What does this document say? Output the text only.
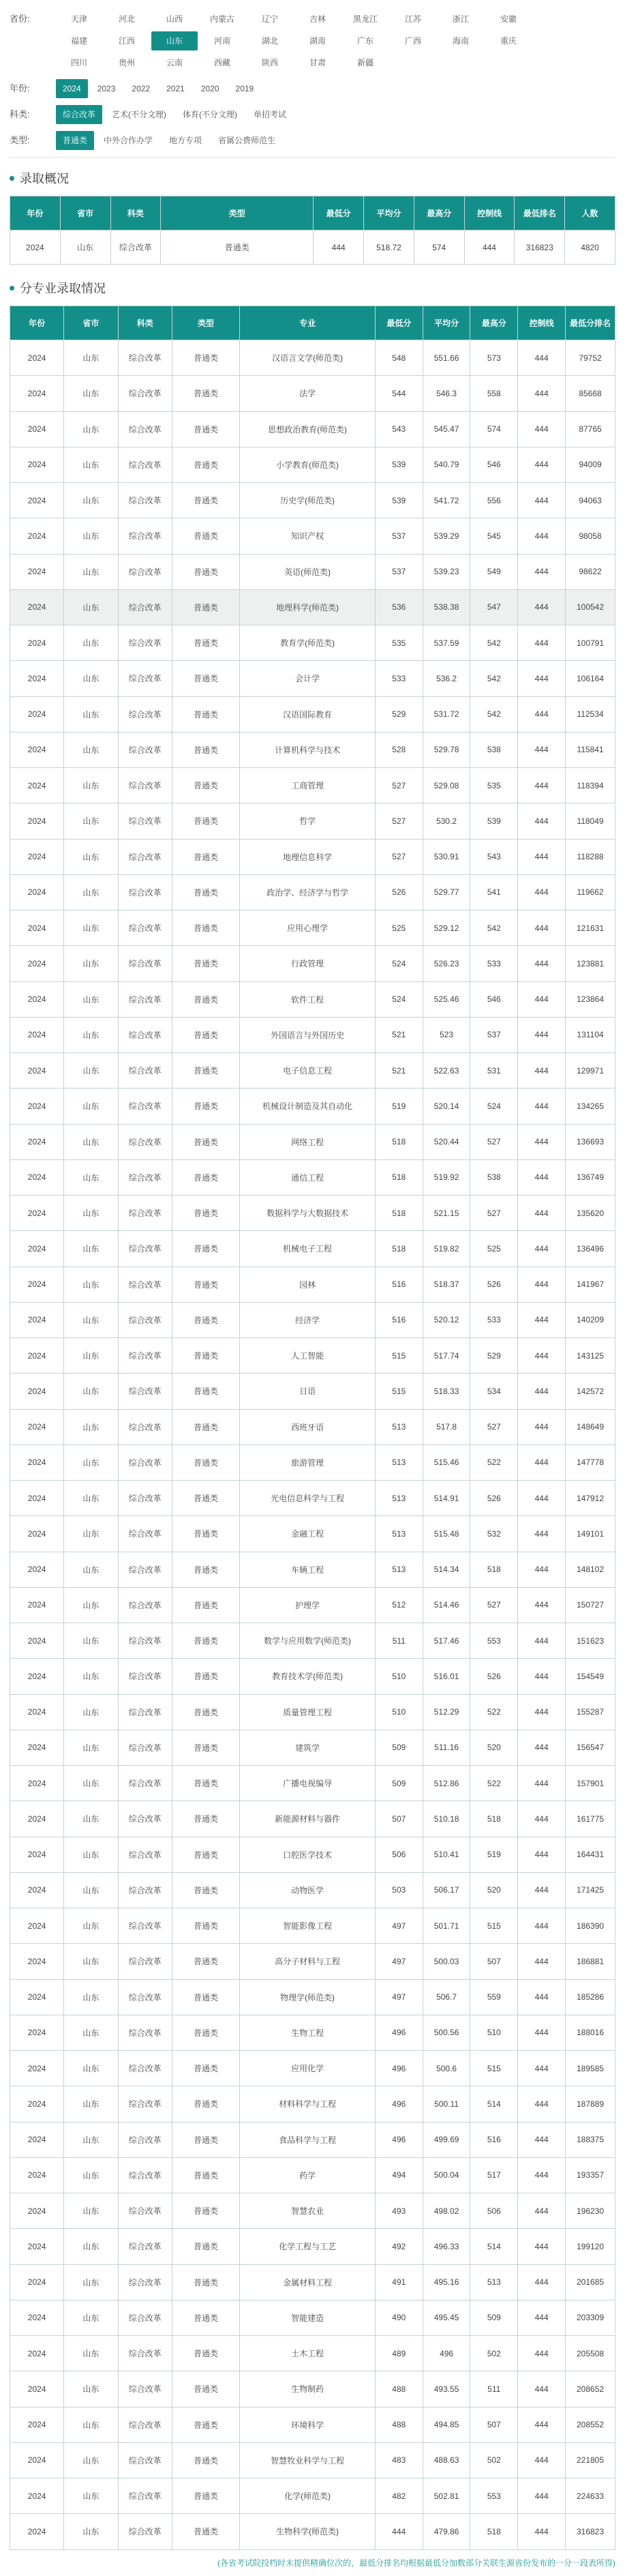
省份:	天津	河北	山西	内蒙古	辽宁	吉林	黑龙江	江苏	浙江	安徽
福建	江西	山东	河南	湖北	湖南	广东	广西	海南	重庆
四川	贵州	云南	西藏	陕西	甘肃	新疆
年份:	2024	2023	2022	2021	2020	2019
科类:	综合改革	艺术(不分文理)	体育(不分文理)	单招考试
类型:	普通类	中外合作办学	地方专项	省属公费师范生
录取概况
年份	省市	科类	类型	最低分	平均分	最高分	控制线	最低排名	人数
2024	山东	综合改革	普通类	444	518.72	574	444	316823	4820
分专业录取情况
年份	省市	科类	类型	专业	最低分	平均分	最高分	控制线	最低分排名
2024	山东	综合改革	普通类	汉语言文学(师范类)	548	551.66	573	444	79752
2024	山东	综合改革	普通类	法学	544	546.3	558	444	85668
2024	山东	综合改革	普通类	思想政治教育(师范类)	543	545.47	574	444	87765
2024	山东	综合改革	普通类	小学教育(师范类)	539	540.79	546	444	94009
2024	山东	综合改革	普通类	历史学(师范类)	539	541.72	556	444	94063
2024	山东	综合改革	普通类	知识产权	537	539.29	545	444	98058
2024	山东	综合改革	普通类	英语(师范类)	537	539.23	549	444	98622
2024	山东	综合改革	普通类	地理科学(师范类)	536	538.38	547	444	100542
2024	山东	综合改革	普通类	教育学(师范类)	535	537.59	542	444	100791
2024	山东	综合改革	普通类	会计学	533	536.2	542	444	106164
2024	山东	综合改革	普通类	汉语国际教育	529	531.72	542	444	112534
2024	山东	综合改革	普通类	计算机科学与技术	528	529.78	538	444	115841
2024	山东	综合改革	普通类	工商管理	527	529.08	535	444	118394
2024	山东	综合改革	普通类	哲学	527	530.2	539	444	118049
2024	山东	综合改革	普通类	地理信息科学	527	530.91	543	444	118288
2024	山东	综合改革	普通类	政治学、经济学与哲学	526	529.77	541	444	119662
2024	山东	综合改革	普通类	应用心理学	525	529.12	542	444	121631
2024	山东	综合改革	普通类	行政管理	524	526.23	533	444	123881
2024	山东	综合改革	普通类	软件工程	524	525.46	546	444	123864
2024	山东	综合改革	普通类	外国语言与外国历史	521	523	537	444	131104
2024	山东	综合改革	普通类	电子信息工程	521	522.63	531	444	129971
2024	山东	综合改革	普通类	机械设计制造及其自动化	519	520.14	524	444	134265
2024	山东	综合改革	普通类	网络工程	518	520.44	527	444	136693
2024	山东	综合改革	普通类	通信工程	518	519.92	538	444	136749
2024	山东	综合改革	普通类	数据科学与大数据技术	518	521.15	527	444	135620
2024	山东	综合改革	普通类	机械电子工程	518	519.82	525	444	136496
2024	山东	综合改革	普通类	园林	516	518.37	526	444	141967
2024	山东	综合改革	普通类	经济学	516	520.12	533	444	140209
2024	山东	综合改革	普通类	人工智能	515	517.74	529	444	143125
2024	山东	综合改革	普通类	日语	515	518.33	534	444	142572
2024	山东	综合改革	普通类	西班牙语	513	517.8	527	444	148649
2024	山东	综合改革	普通类	旅游管理	513	515.46	522	444	147778
2024	山东	综合改革	普通类	光电信息科学与工程	513	514.91	526	444	147912
2024	山东	综合改革	普通类	金融工程	513	515.48	532	444	149101
2024	山东	综合改革	普通类	车辆工程	513	514.34	518	444	148102
2024	山东	综合改革	普通类	护理学	512	514.46	527	444	150727
2024	山东	综合改革	普通类	数学与应用数学(师范类)	511	517.46	553	444	151623
2024	山东	综合改革	普通类	教育技术学(师范类)	510	516.01	526	444	154549
2024	山东	综合改革	普通类	质量管理工程	510	512.29	522	444	155287
2024	山东	综合改革	普通类	建筑学	509	511.16	520	444	156547
2024	山东	综合改革	普通类	广播电视编导	509	512.86	522	444	157901
2024	山东	综合改革	普通类	新能源材料与器件	507	510.18	518	444	161775
2024	山东	综合改革	普通类	口腔医学技术	506	510.41	519	444	164431
2024	山东	综合改革	普通类	动物医学	503	506.17	520	444	171425
2024	山东	综合改革	普通类	智能影像工程	497	501.71	515	444	186390
2024	山东	综合改革	普通类	高分子材料与工程	497	500.03	507	444	186881
2024	山东	综合改革	普通类	物理学(师范类)	497	506.7	559	444	185286
2024	山东	综合改革	普通类	生物工程	496	500.56	510	444	188016
2024	山东	综合改革	普通类	应用化学	496	500.6	515	444	189585
2024	山东	综合改革	普通类	材料科学与工程	496	500.11	514	444	187889
2024	山东	综合改革	普通类	食品科学与工程	496	499.69	516	444	188375
2024	山东	综合改革	普通类	药学	494	500.04	517	444	193357
2024	山东	综合改革	普通类	智慧农业	493	498.02	506	444	196230
2024	山东	综合改革	普通类	化学工程与工艺	492	496.33	514	444	199120
2024	山东	综合改革	普通类	金属材料工程	491	495.16	513	444	201685
2024	山东	综合改革	普通类	智能建造	490	495.45	509	444	203309
2024	山东	综合改革	普通类	土木工程	489	496	502	444	205508
2024	山东	综合改革	普通类	生物制药	488	493.55	511	444	208652
2024	山东	综合改革	普通类	环境科学	488	494.85	507	444	208552
2024	山东	综合改革	普通类	智慧牧业科学与工程	483	488.63	502	444	221805
2024	山东	综合改革	普通类	化学(师范类)	482	502.81	553	444	224633
2024	山东	综合改革	普通类	生物科学(师范类)	444	479.86	518	444	316823
(各省考试院投档时未提供精确位次的，最低分排名均根据最低分加数部分关联生源省份发布的一分一段表所得)
